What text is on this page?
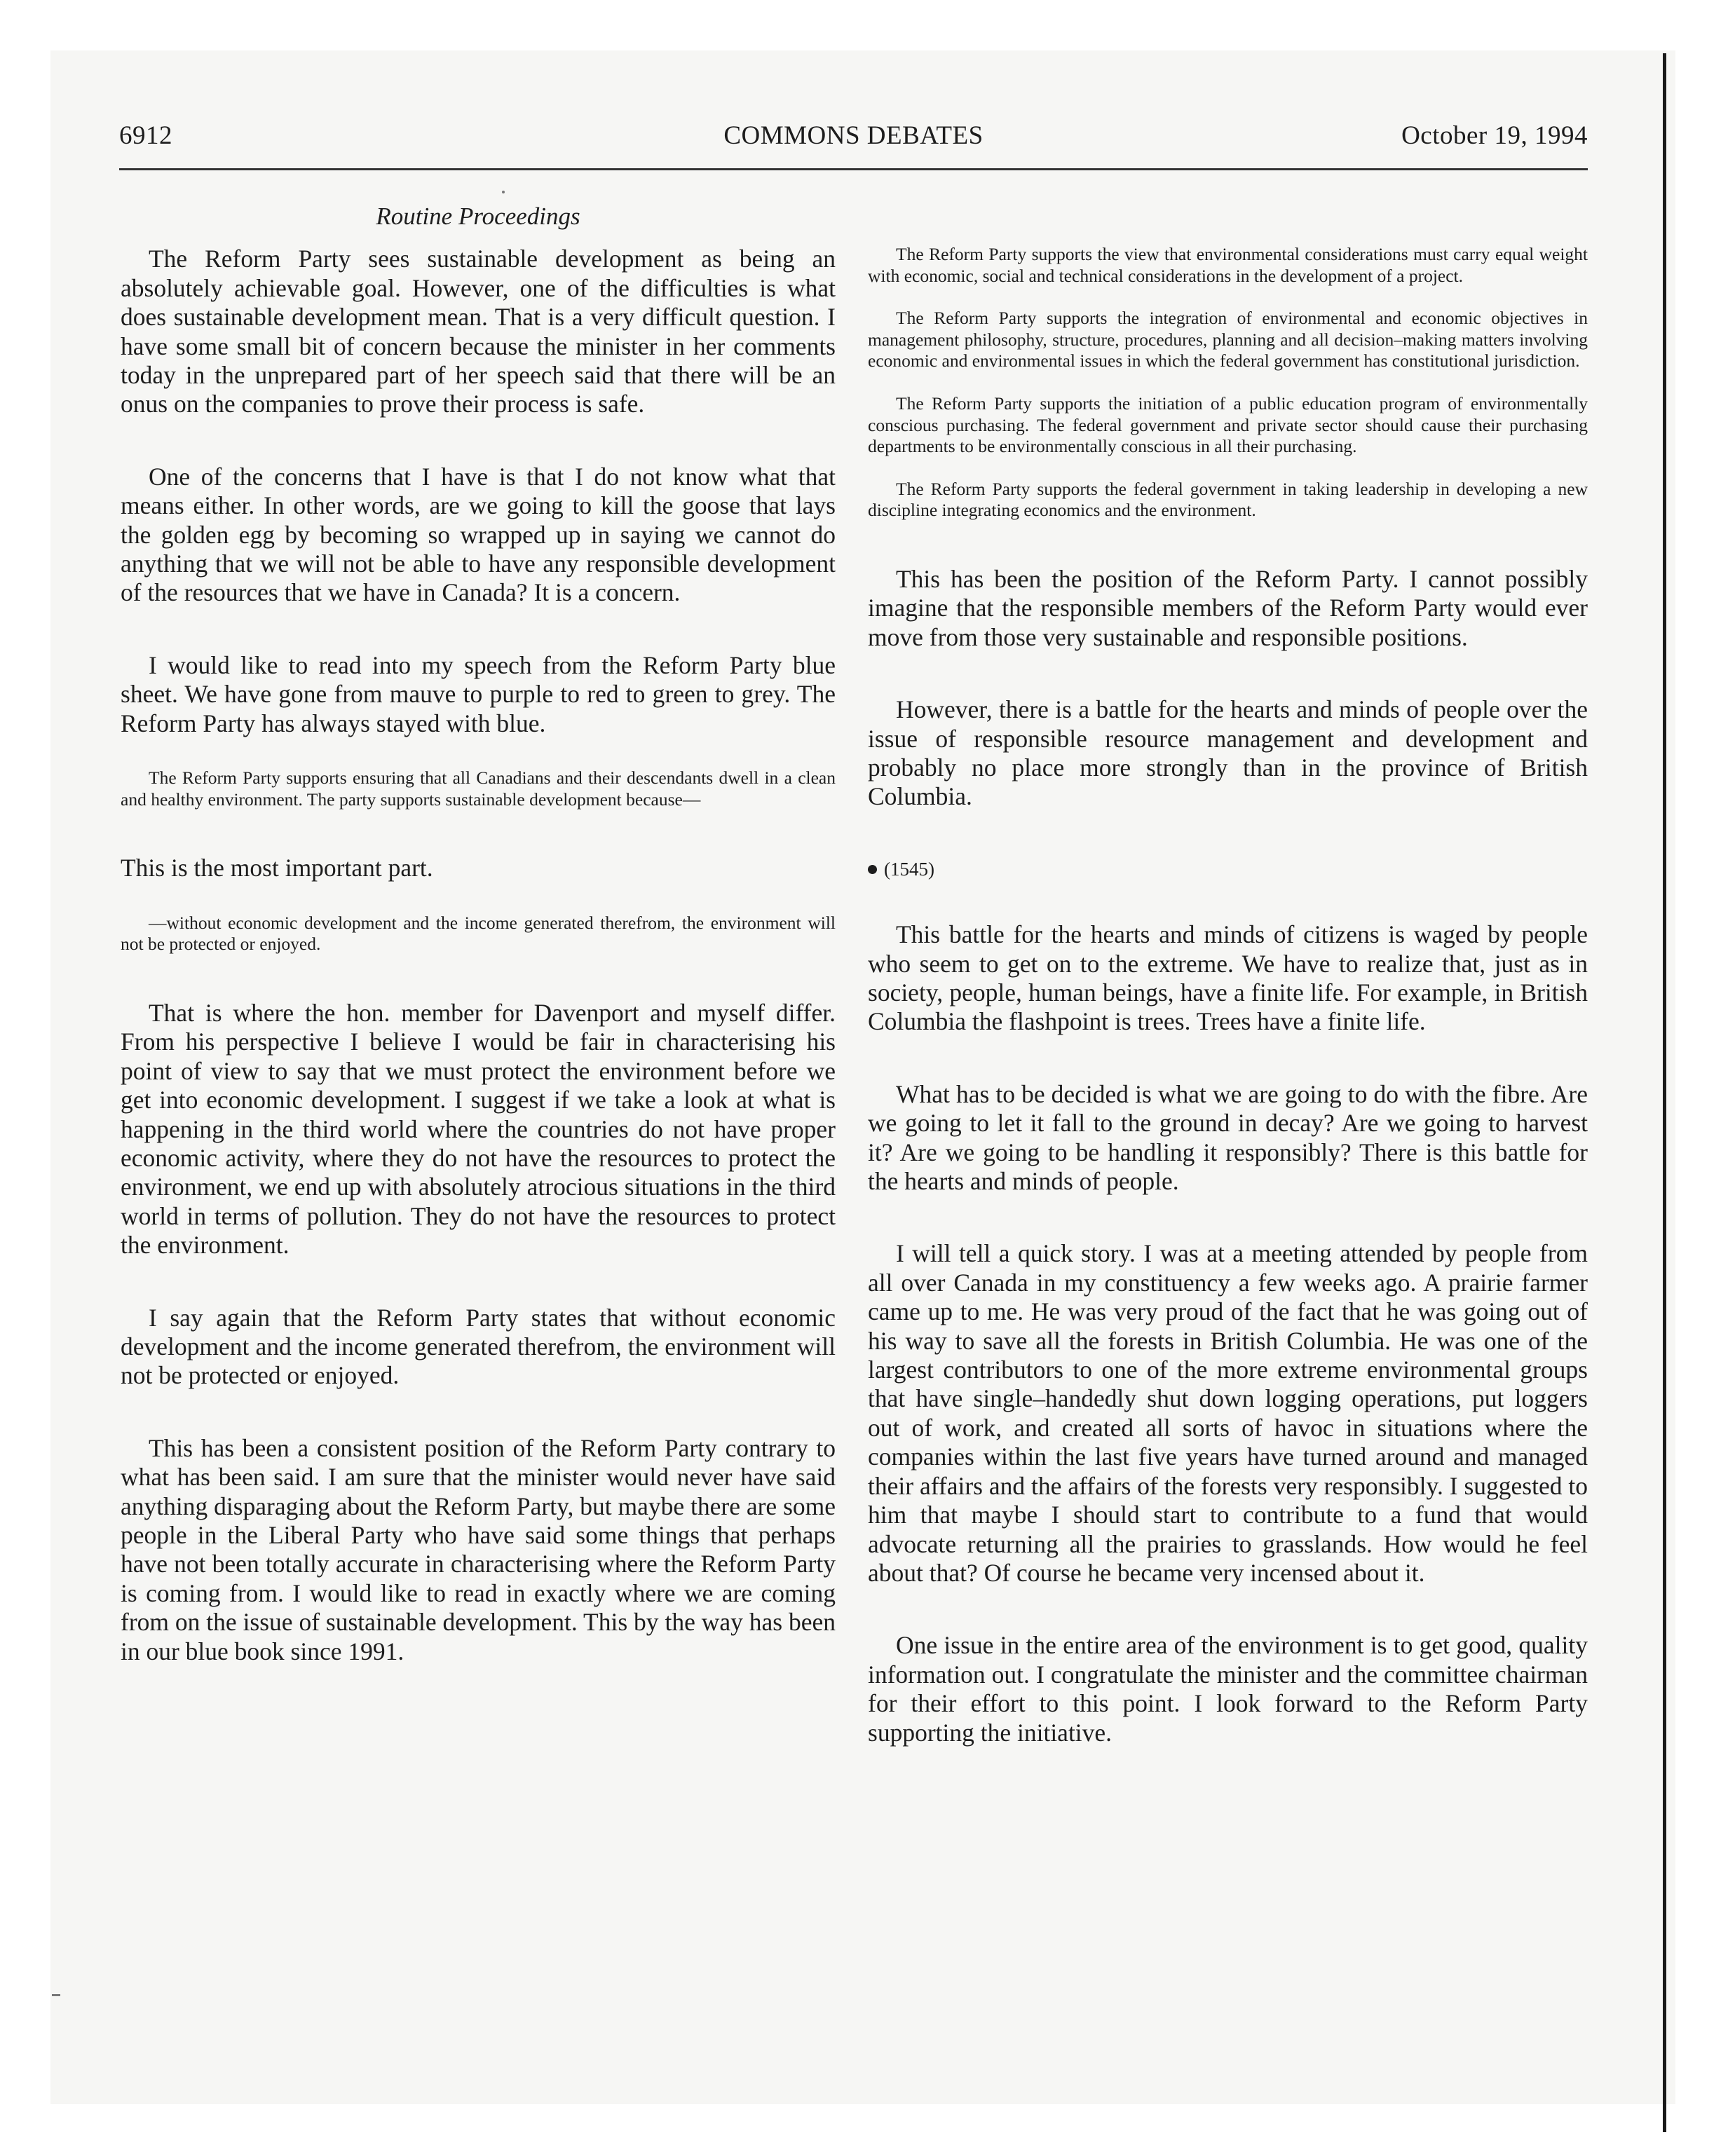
6912	COMMONS DEBATES	October 19, 1994
Routine Proceedings

The Reform Party sees sustainable development as being an absolutely achievable goal. However, one of the difficulties is what does sustainable development mean. That is a very difficult question. I have some small bit of concern because the minister in her comments today in the unprepared part of her speech said that there will be an onus on the companies to prove their process is safe.

One of the concerns that I have is that I do not know what that means either. In other words, are we going to kill the goose that lays the golden egg by becoming so wrapped up in saying we cannot do anything that we will not be able to have any responsible development of the resources that we have in Canada? It is a concern.

I would like to read into my speech from the Reform Party blue sheet. We have gone from mauve to purple to red to green to grey. The Reform Party has always stayed with blue.

The Reform Party supports ensuring that all Canadians and their descendants dwell in a clean and healthy environment. The party supports sustainable development because—

This is the most important part.

—without economic development and the income generated therefrom, the environment will not be protected or enjoyed.

That is where the hon. member for Davenport and myself differ. From his perspective I believe I would be fair in characterising his point of view to say that we must protect the environment before we get into economic development. I suggest if we take a look at what is happening in the third world where the countries do not have proper economic activity, where they do not have the resources to protect the environment, we end up with absolutely atrocious situations in the third world in terms of pollution. They do not have the resources to protect the environment.

I say again that the Reform Party states that without economic development and the income generated therefrom, the environment will not be protected or enjoyed.

This has been a consistent position of the Reform Party contrary to what has been said. I am sure that the minister would never have said anything disparaging about the Reform Party, but maybe there are some people in the Liberal Party who have said some things that perhaps have not been totally accurate in characterising where the Reform Party is coming from. I would like to read in exactly where we are coming from on the issue of sustainable development. This by the way has been in our blue book since 1991.

The Reform Party supports the view that environmental considerations must carry equal weight with economic, social and technical considerations in the development of a project.
The Reform Party supports the integration of environmental and economic objectives in management philosophy, structure, procedures, planning and all decision–making matters involving economic and environmental issues in which the federal government has constitutional jurisdiction.
The Reform Party supports the initiation of a public education program of environmentally conscious purchasing. The federal government and private sector should cause their purchasing departments to be environmentally conscious in all their purchasing.
The Reform Party supports the federal government in taking leadership in developing a new discipline integrating economics and the environment.

This has been the position of the Reform Party. I cannot possibly imagine that the responsible members of the Reform Party would ever move from those very sustainable and responsible positions.

However, there is a battle for the hearts and minds of people over the issue of responsible resource management and development and probably no place more strongly than in the province of British Columbia.

(1545)

This battle for the hearts and minds of citizens is waged by people who seem to get on to the extreme. We have to realize that, just as in society, people, human beings, have a finite life. For example, in British Columbia the flashpoint is trees. Trees have a finite life.

What has to be decided is what we are going to do with the fibre. Are we going to let it fall to the ground in decay? Are we going to harvest it? Are we going to be handling it responsibly? There is this battle for the hearts and minds of people.

I will tell a quick story. I was at a meeting attended by people from all over Canada in my constituency a few weeks ago. A prairie farmer came up to me. He was very proud of the fact that he was going out of his way to save all the forests in British Columbia. He was one of the largest contributors to one of the more extreme environmental groups that have single–handedly shut down logging operations, put loggers out of work, and created all sorts of havoc in situations where the companies within the last five years have turned around and managed their affairs and the affairs of the forests very responsibly. I suggested to him that maybe I should start to contribute to a fund that would advocate returning all the prairies to grasslands. How would he feel about that? Of course he became very incensed about it.

One issue in the entire area of the environment is to get good, quality information out. I congratulate the minister and the committee chairman for their effort to this point. I look forward to the Reform Party supporting the initiative.
